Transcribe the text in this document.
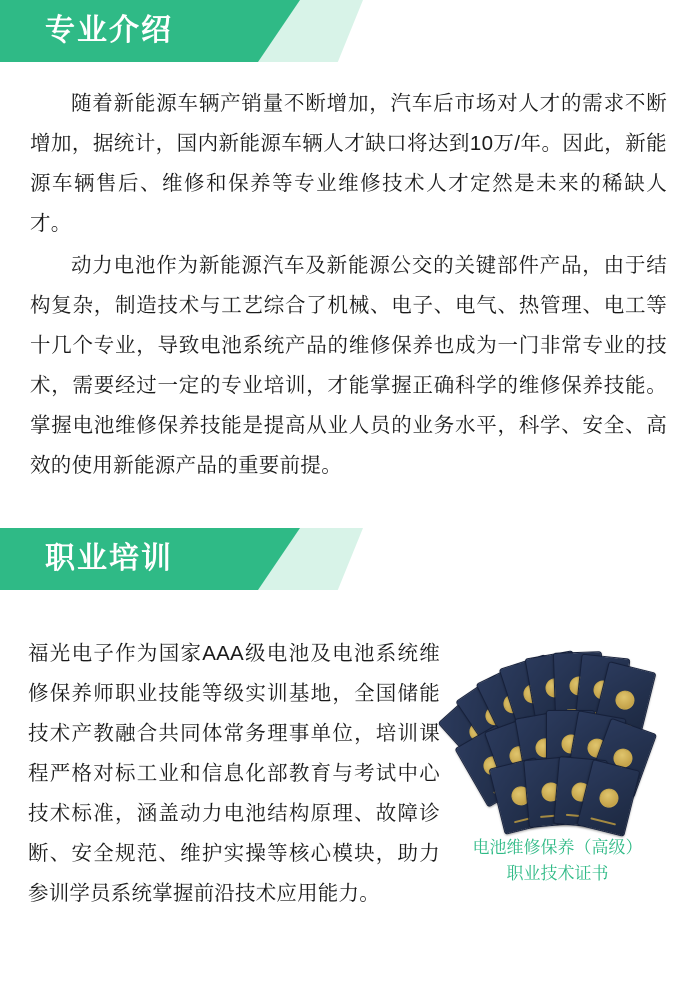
专业介绍

随着新能源车辆产销量不断增加，汽车后市场对人才的需求不断增加，据统计，国内新能源车辆人才缺口将达到10万/年。因此，新能源车辆售后、维修和保养等专业维修技术人才定然是未来的稀缺人才。

动力电池作为新能源汽车及新能源公交的关键部件产品，由于结构复杂，制造技术与工艺综合了机械、电子、电气、热管理、电工等十几个专业，导致电池系统产品的维修保养也成为一门非常专业的技术，需要经过一定的专业培训，才能掌握正确科学的维修保养技能。掌握电池维修保养技能是提高从业人员的业务水平，科学、安全、高效的使用新能源产品的重要前提。

职业培训
福光电子作为国家AAA级电池及电池系统维修保养师职业技能等级实训基地，全国储能技术产教融合共同体常务理事单位，培训课程严格对标工业和信息化部教育与考试中心技术标准，涵盖动力电池结构原理、故障诊断、安全规范、维护实操等核心模块，助力参训学员系统掌握前沿技术应用能力。
电池维修保养（高级）
职业技术证书
